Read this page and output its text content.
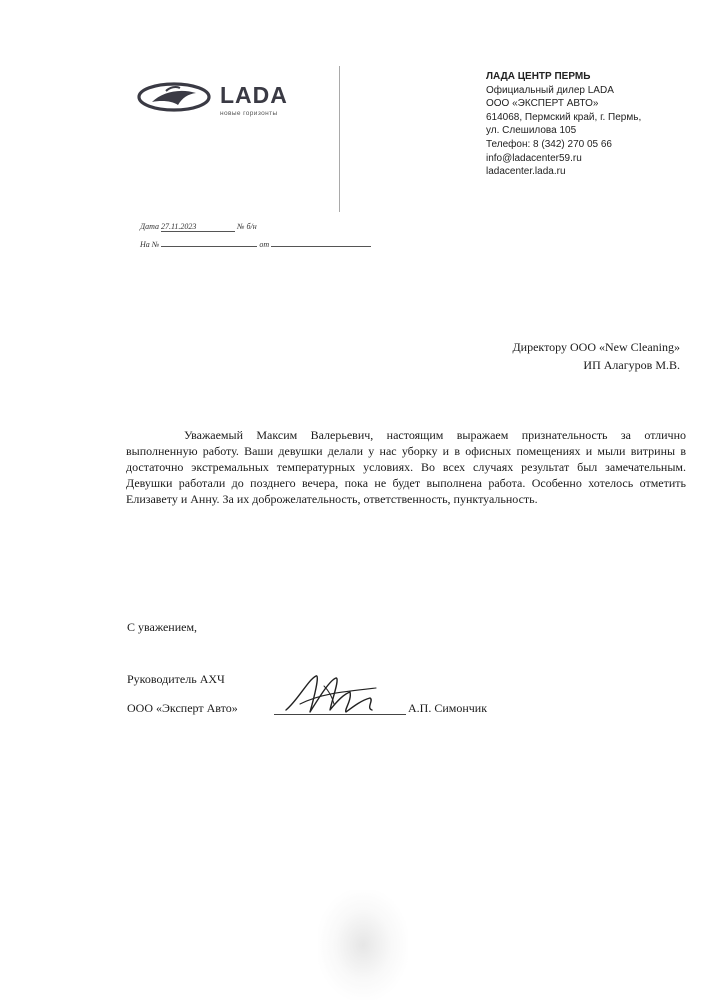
LADA
новые горизонты
ЛАДА ЦЕНТР ПЕРМЬ
Официальный дилер LADA
ООО «ЭКСПЕРТ АВТО»
614068, Пермский край, г. Пермь,
ул. Слешилова 105
Телефон: 8 (342) 270 05 66
info@ladacenter59.ru
ladacenter.lada.ru
Дата 27.11.2023	№ б/н
На №	от
Директору ООО «New Cleaning»
ИП Алагуров М.В.

Уважаемый Максим Валерьевич, настоящим выражаем признательность за отлично выполненную работу. Ваши девушки делали у нас уборку и в офисных помещениях и мыли витрины в достаточно экстремальных температурных условиях. Во всех случаях результат был замечательным. Девушки работали до позднего вечера, пока не будет выполнена работа. Особенно хотелось отметить Елизавету и Анну. За их доброжелательность, ответственность, пунктуальность.

С уважением,
Руководитель АХЧ
ООО «Эксперт Авто»	А.П. Симончик
